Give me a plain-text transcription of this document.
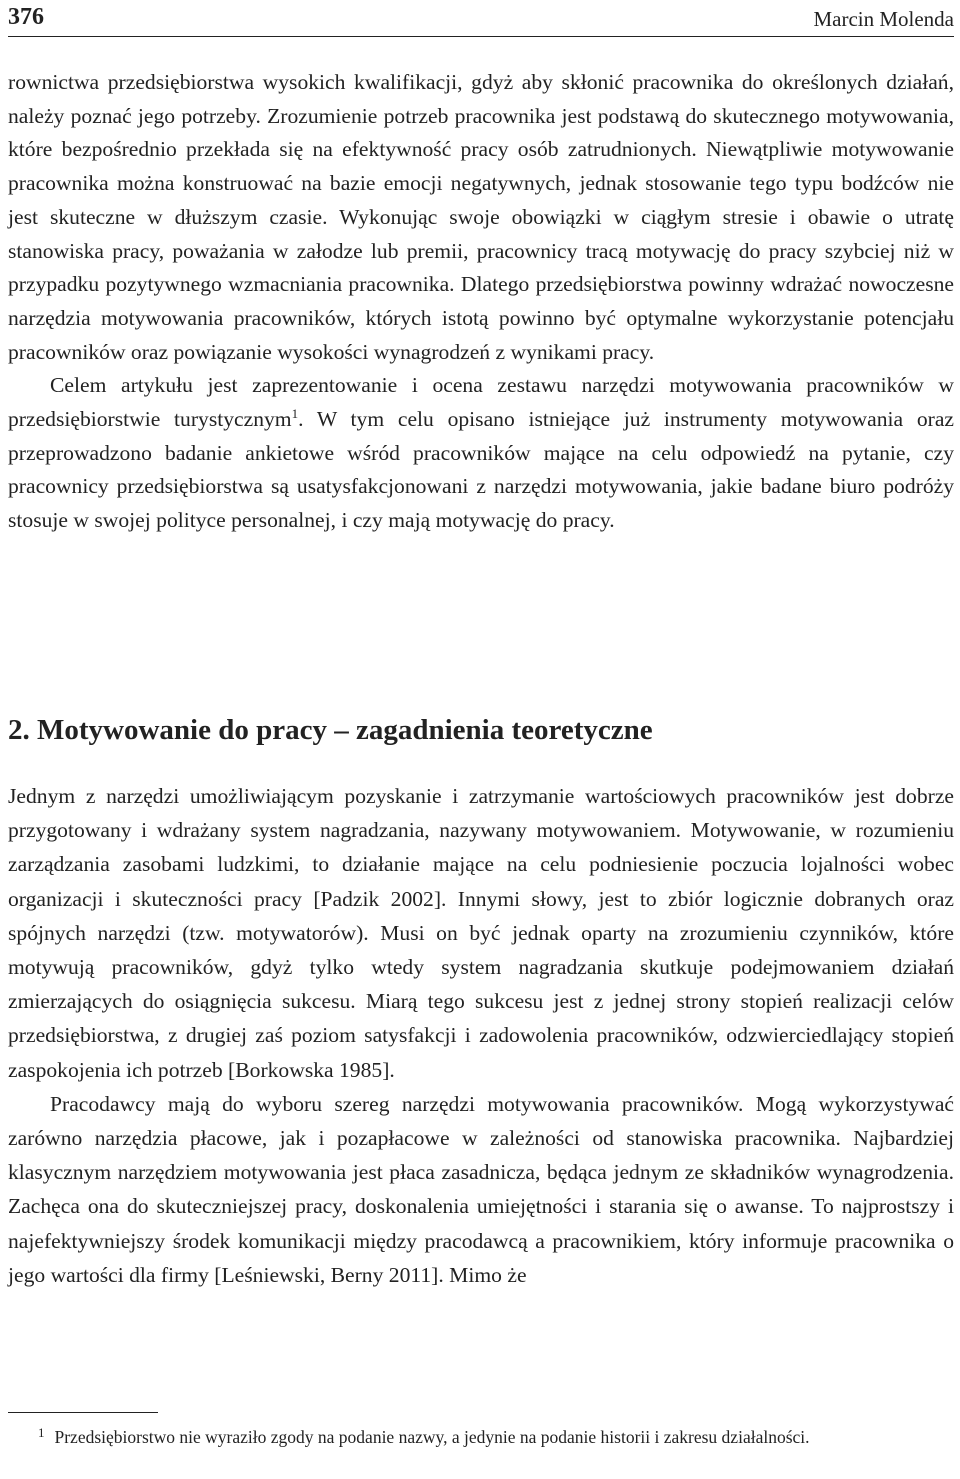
376	Marcin Molenda

rownictwa przedsiębiorstwa wysokich kwalifikacji, gdyż aby skłonić pracownika do określonych działań, należy poznać jego potrzeby. Zrozumienie potrzeb pracownika jest podstawą do skutecznego motywowania, które bezpośrednio przekłada się na efektywność pracy osób zatrudnionych. Niewątpliwie motywowanie pracownika można konstruować na bazie emocji negatywnych, jednak stosowanie tego typu bodźców nie jest skuteczne w dłuższym czasie. Wykonując swoje obowiązki w ciągłym stresie i obawie o utratę stanowiska pracy, poważania w załodze lub premii, pracownicy tracą motywację do pracy szybciej niż w przypadku pozytywnego wzmacniania pracownika. Dlatego przedsiębiorstwa powinny wdrażać nowoczesne narzędzia motywowania pracowników, których istotą powinno być optymalne wykorzystanie potencjału pracowników oraz powiązanie wysokości wynagrodzeń z wynikami pracy.

Celem artykułu jest zaprezentowanie i ocena zestawu narzędzi motywowania pracowników w przedsiębiorstwie turystycznym$^1$. W tym celu opisano istniejące już instrumenty motywowania oraz przeprowadzono badanie ankietowe wśród pracowników mające na celu odpowiedź na pytanie, czy pracownicy przedsiębiorstwa są usatysfakcjonowani z narzędzi motywowania, jakie badane biuro podróży stosuje w swojej polityce personalnej, i czy mają motywację do pracy.

2. Motywowanie do pracy – zagadnienia teoretyczne

Jednym z narzędzi umożliwiającym pozyskanie i zatrzymanie wartościowych pracowników jest dobrze przygotowany i wdrażany system nagradzania, nazywany motywowaniem. Motywowanie, w rozumieniu zarządzania zasobami ludzkimi, to działanie mające na celu podniesienie poczucia lojalności wobec organizacji i skuteczności pracy [Padzik 2002]. Innymi słowy, jest to zbiór logicznie dobranych oraz spójnych narzędzi (tzw. motywatorów). Musi on być jednak oparty na zrozumieniu czynników, które motywują pracowników, gdyż tylko wtedy system nagradzania skutkuje podejmowaniem działań zmierzających do osiągnięcia sukcesu. Miarą tego sukcesu jest z jednej strony stopień realizacji celów przedsiębiorstwa, z drugiej zaś poziom satysfakcji i zadowolenia pracowników, odzwierciedlający stopień zaspokojenia ich potrzeb [Borkowska 1985].

Pracodawcy mają do wyboru szereg narzędzi motywowania pracowników. Mogą wykorzystywać zarówno narzędzia płacowe, jak i pozapłacowe w zależności od stanowiska pracownika. Najbardziej klasycznym narzędziem motywowania jest płaca zasadnicza, będąca jednym ze składników wynagrodzenia. Zachęca ona do skuteczniejszej pracy, doskonalenia umiejętności i starania się o awanse. To najprostszy i najefektywniejszy środek komunikacji między pracodawcą a pracownikiem, który informuje pracownika o jego wartości dla firmy [Leśniewski, Berny 2011]. Mimo że

$^1$ Przedsiębiorstwo nie wyraziło zgody na podanie nazwy, a jedynie na podanie historii i zakresu działalności.
